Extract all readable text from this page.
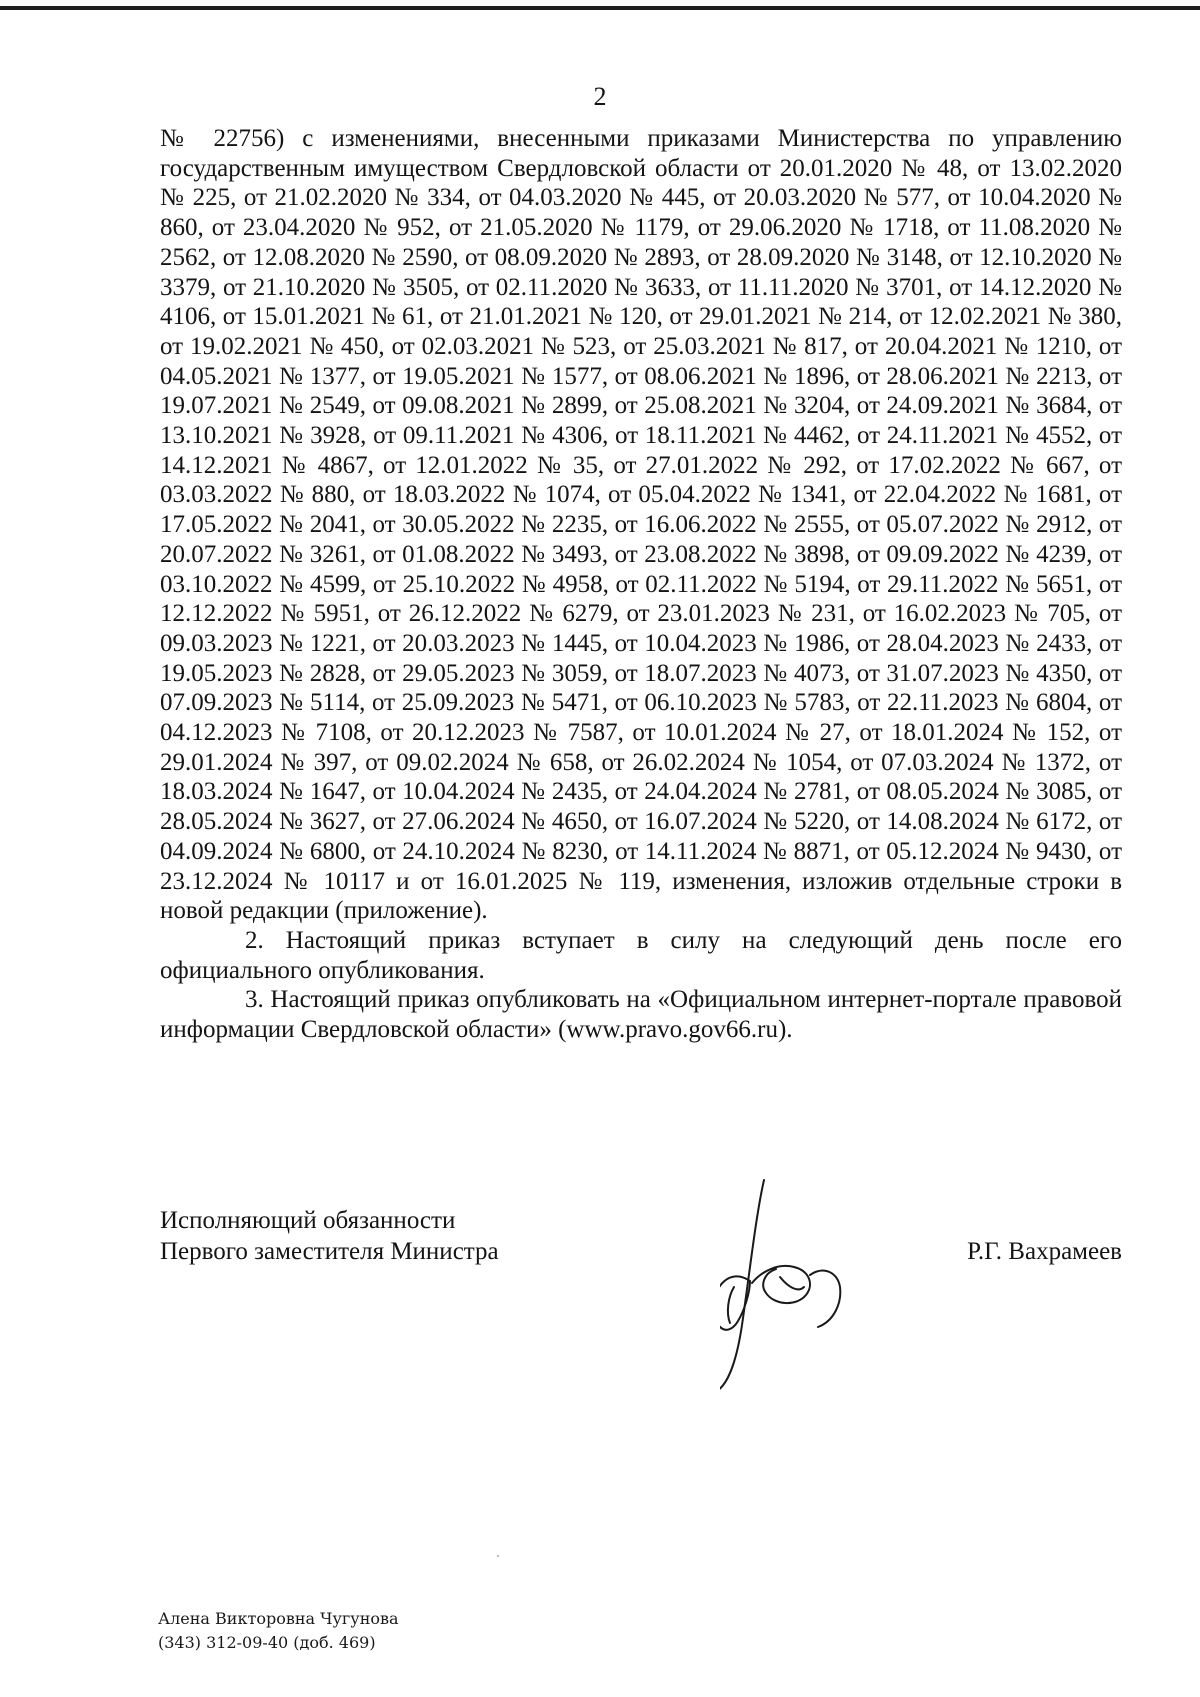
2

№ 22756) с изменениями, внесенными приказами Министерства по управлению государственным имуществом Свердловской области от 20.01.2020 № 48, от 13.02.2020 № 225, от 21.02.2020 № 334, от 04.03.2020 № 445, от 20.03.2020 № 577, от 10.04.2020 № 860, от 23.04.2020 № 952, от 21.05.2020 № 1179, от 29.06.2020 № 1718, от 11.08.2020 № 2562, от 12.08.2020 № 2590, от 08.09.2020 № 2893, от 28.09.2020 № 3148, от 12.10.2020 № 3379, от 21.10.2020 № 3505, от 02.11.2020 № 3633, от 11.11.2020 № 3701, от 14.12.2020 № 4106, от 15.01.2021 № 61, от 21.01.2021 № 120, от 29.01.2021 № 214, от 12.02.2021 № 380, от 19.02.2021 № 450, от 02.03.2021 № 523, от 25.03.2021 № 817, от 20.04.2021 № 1210, от 04.05.2021 № 1377, от 19.05.2021 № 1577, от 08.06.2021 № 1896, от 28.06.2021 № 2213, от 19.07.2021 № 2549, от 09.08.2021 № 2899, от 25.08.2021 № 3204, от 24.09.2021 № 3684, от 13.10.2021 № 3928, от 09.11.2021 № 4306, от 18.11.2021 № 4462, от 24.11.2021 № 4552, от 14.12.2021 № 4867, от 12.01.2022 № 35, от 27.01.2022 № 292, от 17.02.2022 № 667, от 03.03.2022 № 880, от 18.03.2022 № 1074, от 05.04.2022 № 1341, от 22.04.2022 № 1681, от 17.05.2022 № 2041, от 30.05.2022 № 2235, от 16.06.2022 № 2555, от 05.07.2022 № 2912, от 20.07.2022 № 3261, от 01.08.2022 № 3493, от 23.08.2022 № 3898, от 09.09.2022 № 4239, от 03.10.2022 № 4599, от 25.10.2022 № 4958, от 02.11.2022 № 5194, от 29.11.2022 № 5651, от 12.12.2022 № 5951, от 26.12.2022 № 6279, от 23.01.2023 № 231, от 16.02.2023 № 705, от 09.03.2023 № 1221, от 20.03.2023 № 1445, от 10.04.2023 № 1986, от 28.04.2023 № 2433, от 19.05.2023 № 2828, от 29.05.2023 № 3059, от 18.07.2023 № 4073, от 31.07.2023 № 4350, от 07.09.2023 № 5114, от 25.09.2023 № 5471, от 06.10.2023 № 5783, от 22.11.2023 № 6804, от 04.12.2023 № 7108, от 20.12.2023 № 7587, от 10.01.2024 № 27, от 18.01.2024 № 152, от 29.01.2024 № 397, от 09.02.2024 № 658, от 26.02.2024 № 1054, от 07.03.2024 № 1372, от 18.03.2024 № 1647, от 10.04.2024 № 2435, от 24.04.2024 № 2781, от 08.05.2024 № 3085, от 28.05.2024 № 3627, от 27.06.2024 № 4650, от 16.07.2024 № 5220, от 14.08.2024 № 6172, от 04.09.2024 № 6800, от 24.10.2024 № 8230, от 14.11.2024 № 8871, от 05.12.2024 № 9430, от 23.12.2024 № 10117 и от 16.01.2025 № 119, изменения, изложив отдельные строки в новой редакции (приложение).

2. Настоящий приказ вступает в силу на следующий день после его официального опубликования.

3. Настоящий приказ опубликовать на «Официальном интернет-портале правовой информации Свердловской области» (www.pravo.gov66.ru).

Исполняющий обязанности
Первого заместителя Министра	Р.Г. Вахрамеев
Алена Викторовна Чугунова
(343) 312-09-40 (доб. 469)
